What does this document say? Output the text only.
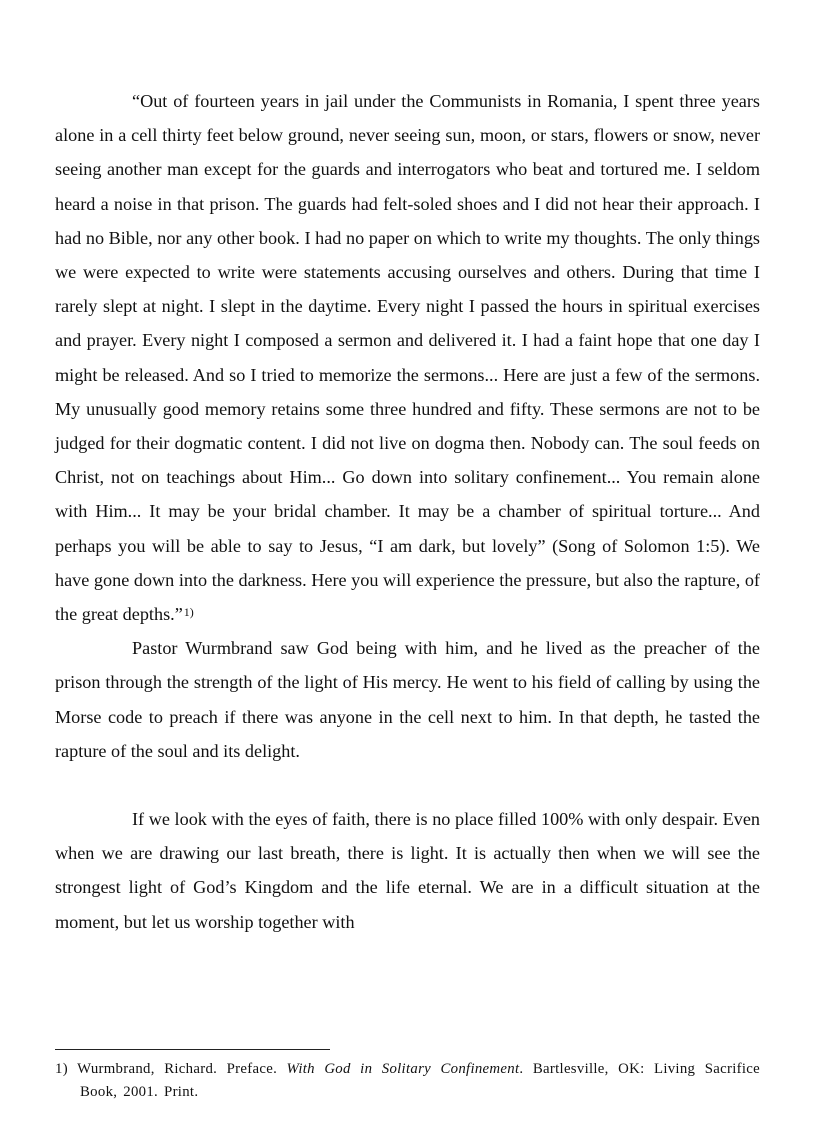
“Out of fourteen years in jail under the Communists in Romania, I spent three years alone in a cell thirty feet below ground, never seeing sun, moon, or stars, flowers or snow, never seeing another man except for the guards and interrogators who beat and tortured me. I seldom heard a noise in that prison. The guards had felt-soled shoes and I did not hear their approach. I had no Bible, nor any other book. I had no paper on which to write my thoughts. The only things we were expected to write were statements accusing ourselves and others. During that time I rarely slept at night. I slept in the daytime. Every night I passed the hours in spiritual exercises and prayer. Every night I composed a sermon and delivered it. I had a faint hope that one day I might be released. And so I tried to memorize the sermons... Here are just a few of the sermons. My unusually good memory retains some three hundred and fifty. These sermons are not to be judged for their dogmatic content. I did not live on dogma then. Nobody can. The soul feeds on Christ, not on teachings about Him... Go down into solitary confinement... You remain alone with Him... It may be your bridal chamber. It may be a chamber of spiritual torture... And perhaps you will be able to say to Jesus, “I am dark, but lovely” (Song of Solomon 1:5). We have gone down into the darkness. Here you will experience the pressure, but also the rapture, of the great depths.”$^{1)}$

Pastor Wurmbrand saw God being with him, and he lived as the preacher of the prison through the strength of the light of His mercy. He went to his field of calling by using the Morse code to preach if there was anyone in the cell next to him. In that depth, he tasted the rapture of the soul and its delight.

If we look with the eyes of faith, there is no place filled 100% with only despair. Even when we are drawing our last breath, there is light. It is actually then when we will see the strongest light of God’s Kingdom and the life eternal. We are in a difficult situation at the moment, but let us worship together with

1) Wurmbrand, Richard. Preface. With God in Solitary Confinement. Bartlesville, OK: Living Sacrifice Book, 2001. Print.
